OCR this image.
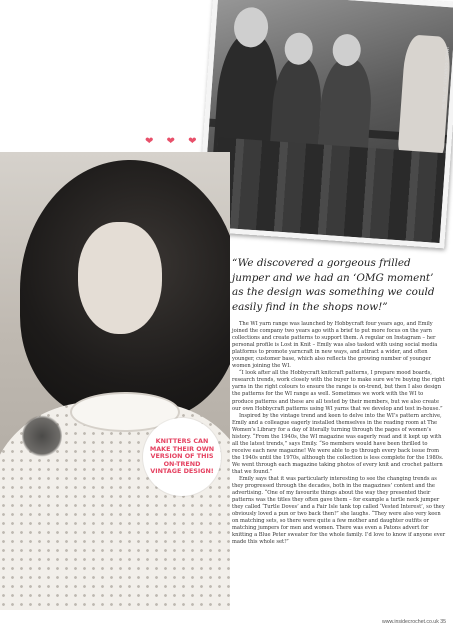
IMAGE COURTESY OF THE WI
❤ ❤ ❤
KNITTERS CAN MAKE THEIR OWN VERSION OF THIS ON-TREND VINTAGE DESIGN!
“We discovered a gorgeous frilled jumper and we had an ‘OMG moment’ as the design was something we could easily find in the shops now!”

The WI yarn range was launched by Hobbycraft four years ago, and Emily joined the company two years ago with a brief to put more focus on the yarn collections and create patterns to support them. A regular on Instagram – her personal profile is Lost in Knit – Emily was also tasked with using social media platforms to promote yarncraft in new ways, and attract a wider, and often younger, customer base, which also reflects the growing number of younger women joining the WI.

“I look after all the Hobbycraft knitcraft patterns, I prepare mood boards, research trends, work closely with the buyer to make sure we’re buying the right yarns in the right colours to ensure the range is on-trend, but then I also design the patterns for the WI range as well. Sometimes we work with the WI to produce patterns and these are all tested by their members, but we also create our own Hobbycraft patterns using WI yarns that we develop and test in-house.”

Inspired by the vintage trend and keen to delve into the WI’s pattern archive, Emily and a colleague eagerly installed themselves in the reading room at The Women’s Library for a day of literally turning through the pages of women’s history. “From the 1940s, the WI magazine was eagerly read and it kept up with all the latest trends,” says Emily. “So members would have been thrilled to receive each new magazine! We were able to go through every back issue from the 1940s until the 1970s, although the collection is less complete for the 1980s. We went through each magazine taking photos of every knit and crochet pattern that we found.”

Emily says that it was particularly interesting to see the changing trends as they progressed through the decades, both in the magazines’ content and the advertising. “One of my favourite things about the way they presented their patterns was the titles they often gave them – for example a turtle neck jumper they called ‘Turtle Doves’ and a Fair Isle tank top called ‘Vested Interest’, so they obviously loved a pun or two back then!” she laughs. “They were also very keen on matching sets, so there were quite a few mother and daughter outfits or matching jumpers for men and women. There was even a Patons advert for knitting a Blue Peter sweater for the whole family. I’d love to know if anyone ever made this whole set!”

www.insidecrochet.co.uk 35
